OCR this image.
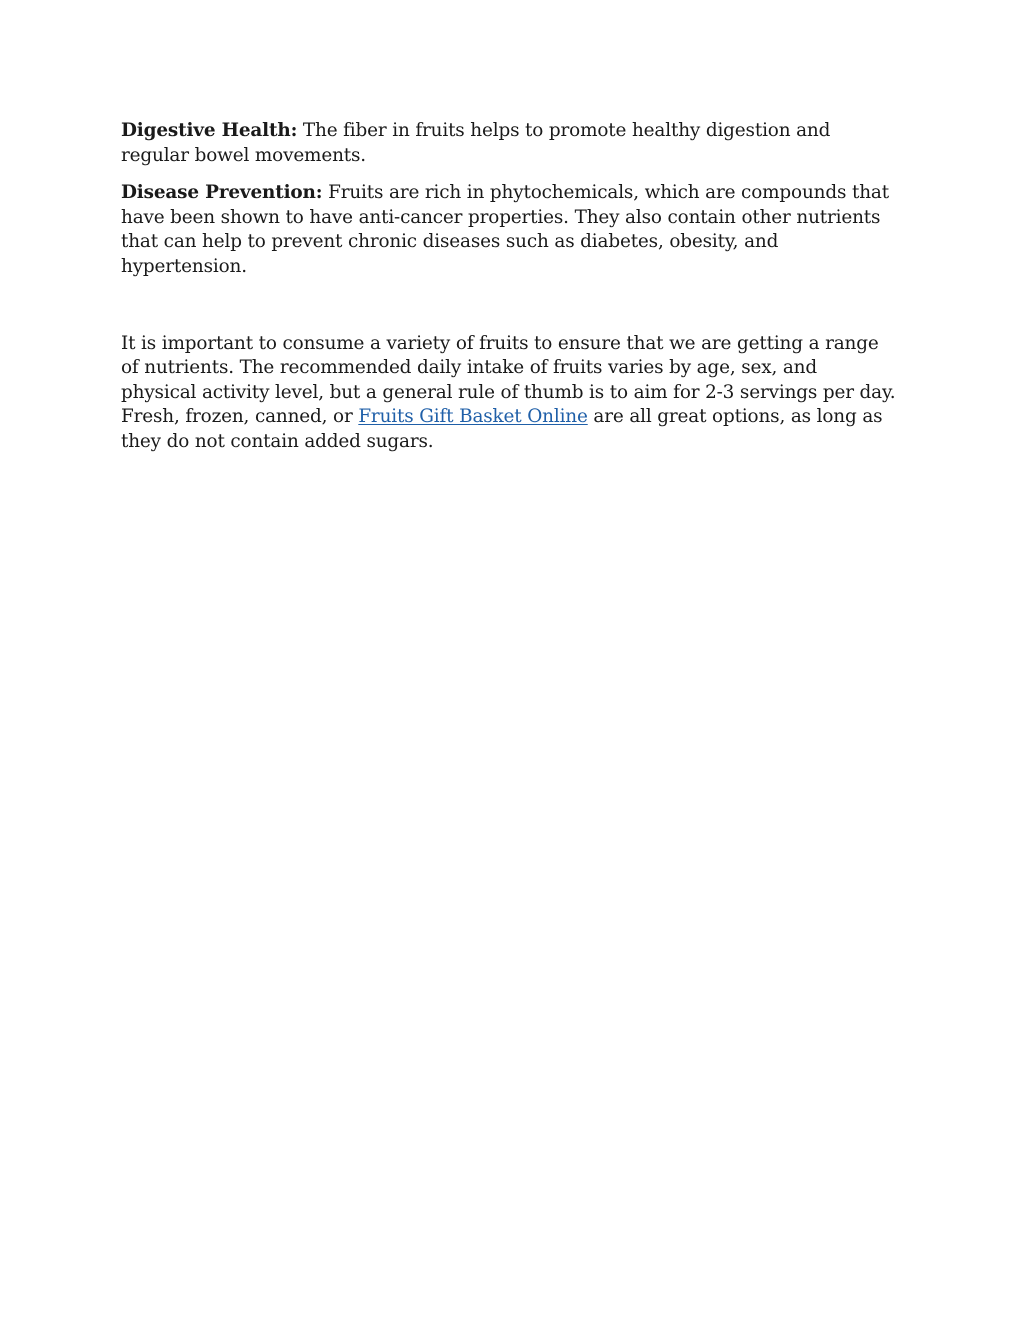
Digestive Health: The fiber in fruits helps to promote healthy digestion and regular bowel movements.

Disease Prevention: Fruits are rich in phytochemicals, which are compounds that have been shown to have anti-cancer properties. They also contain other nutrients that can help to prevent chronic diseases such as diabetes, obesity, and hypertension.

It is important to consume a variety of fruits to ensure that we are getting a range of nutrients. The recommended daily intake of fruits varies by age, sex, and physical activity level, but a general rule of thumb is to aim for 2-3 servings per day. Fresh, frozen, canned, or Fruits Gift Basket Online are all great options, as long as they do not contain added sugars.
